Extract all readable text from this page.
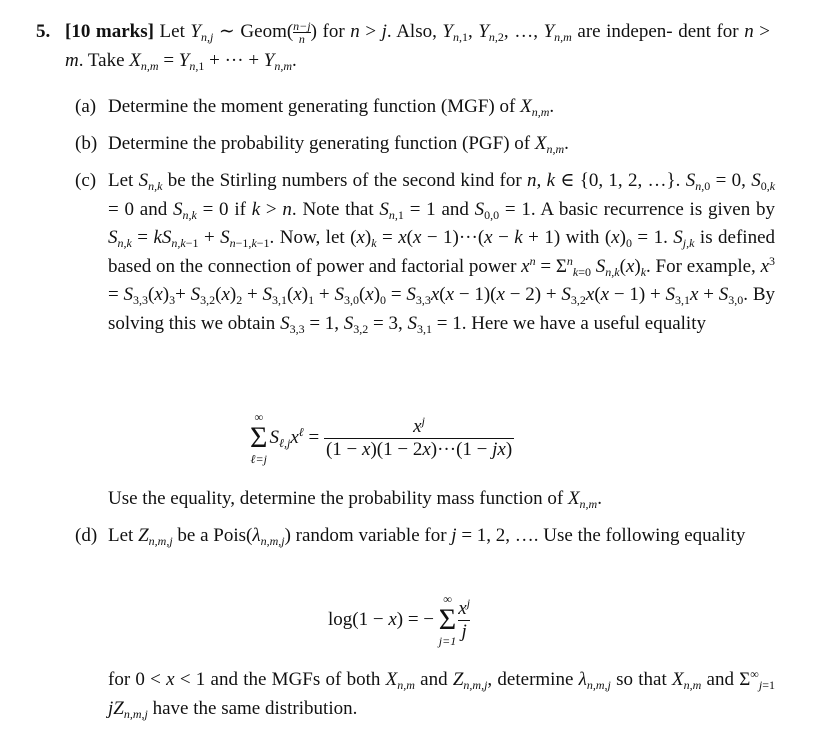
5. [10 marks] Let $Y_{n,j}$ ∼ Geom( $\frac{n-j}{n}$ ) for n > j. Also, $Y_{n,1}$, $Y_{n,2}$, …, $Y_{n,m}$ are indepen- dent for n > m. Take $X_{n,m} = Y_{n,1}$ + ··· + $Y_{n,m}$.
(a) Determine the moment generating function (MGF) of $X_{n,m}$.
(b) Determine the probability generating function (PGF) of $X_{n,m}$.
(c) Let $S_{n,k}$ be the Stirling numbers of the second kind for n, k ∈ {0, 1, 2, …}. $S_{n,0} = 0$, $S_{0,k} = 0$ and $S_{n,k} = 0$ if k > n. Note that $S_{n,1} = 1$ and $S_{0,0} = 1$. A basic recurrence is given by $S_{n,k} = kS_{n,k-1} + S_{n-1,k-1}$. Now, let $(x)_k = x(x - 1)\cdot\cdot\cdot(x - k + 1)$ with $(x)_0 = 1$. $S_{j,k}$ is defined based on the connection of power and factorial power $x^n = \Sigma^n_{k=0}$ $S_{n,k}(x)_k$. For example, $x^3 = S_{3,3}(x)_3+ S_{3,2}(x)_2 + S_{3,1}(x)_1 + S_{3,0}(x)_0 = S_{3,3}x(x - 1)(x - 2) + S_{3,2}x(x - 1) + S_{3,1}x + S_{3,0}$. By solving this we obtain $S_{3,3} = 1$, $S_{3,2} = 3$, $S_{3,1} = 1$. Here we have a useful equality
∞
Σ
ℓ=j
$S_{\ell,j}x^\ell = \frac{x^j}{(1 - x)(1 - 2x)\cdot\cdot\cdot(1 - jx)}$
Use the equality, determine the probability mass function of $X_{n,m}$.
(d) Let $Z_{n,m,j}$ be a $Pois(\lambda_{n,m,j})$ random variable for j = 1, 2, …. Use the following equality
log(1 − x) = −
∞
Σ
$j=1 \frac{x^j}{j}$
for 0 < x < 1 and the MGFs of both $X_{n,m}$ and $Z_{n,m,j}$, determine $\lambda_{n,m,j}$ so that $X_{n,m}$ and $\Sigma^\infty_{j=1}$ $jZ_{n,m,j}$ have the same distribution.
